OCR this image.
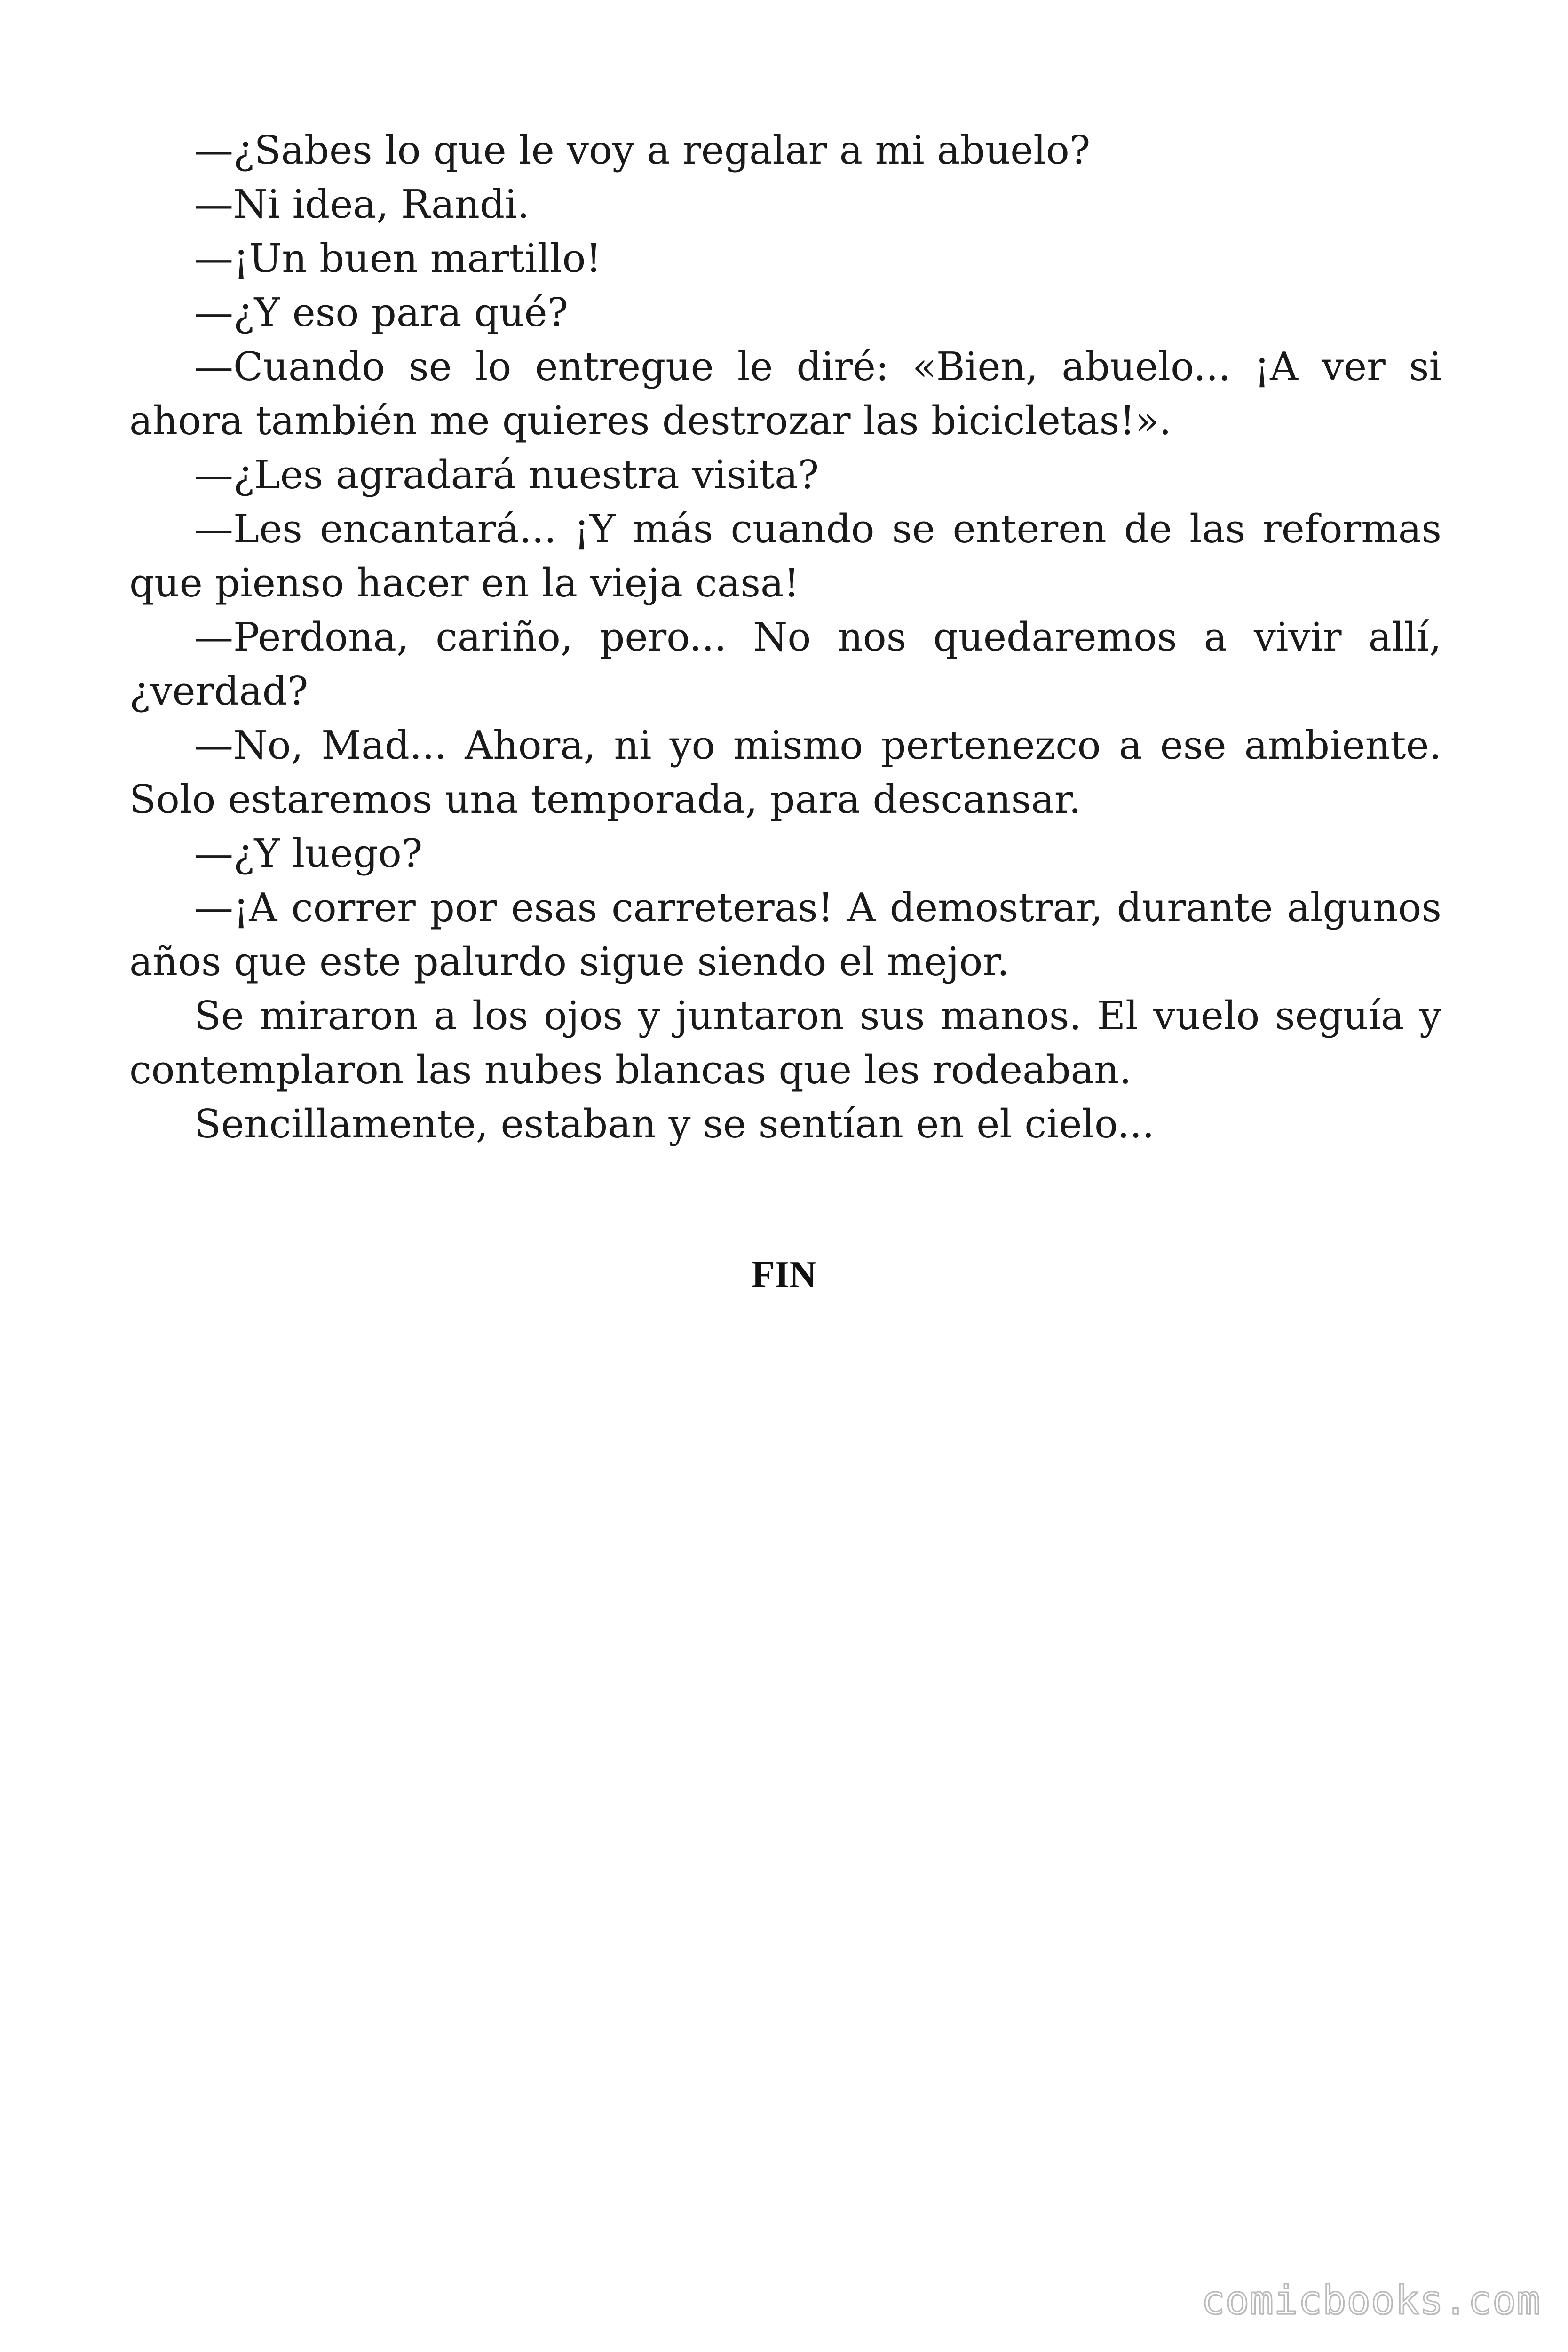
—¿Sabes lo que le voy a regalar a mi abuelo?

—Ni idea, Randi.

—¡Un buen martillo!

—¿Y eso para qué?

—Cuando se lo entregue le diré: «Bien, abuelo... ¡A ver si ahora también me quieres destrozar las bicicletas!».

—¿Les agradará nuestra visita?

—Les encantará... ¡Y más cuando se enteren de las reformas que pienso hacer en la vieja casa!

—Perdona, cariño, pero... No nos quedaremos a vivir allí, ¿verdad?

—No, Mad... Ahora, ni yo mismo pertenezco a ese ambiente. Solo estaremos una temporada, para descansar.

—¿Y luego?

—¡A correr por esas carreteras! A demostrar, durante algunos años que este palurdo sigue siendo el mejor.

Se miraron a los ojos y juntaron sus manos. El vuelo seguía y contemplaron las nubes blancas que les rodeaban.

Sencillamente, estaban y se sentían en el cielo...

FIN
comicbooks.com
